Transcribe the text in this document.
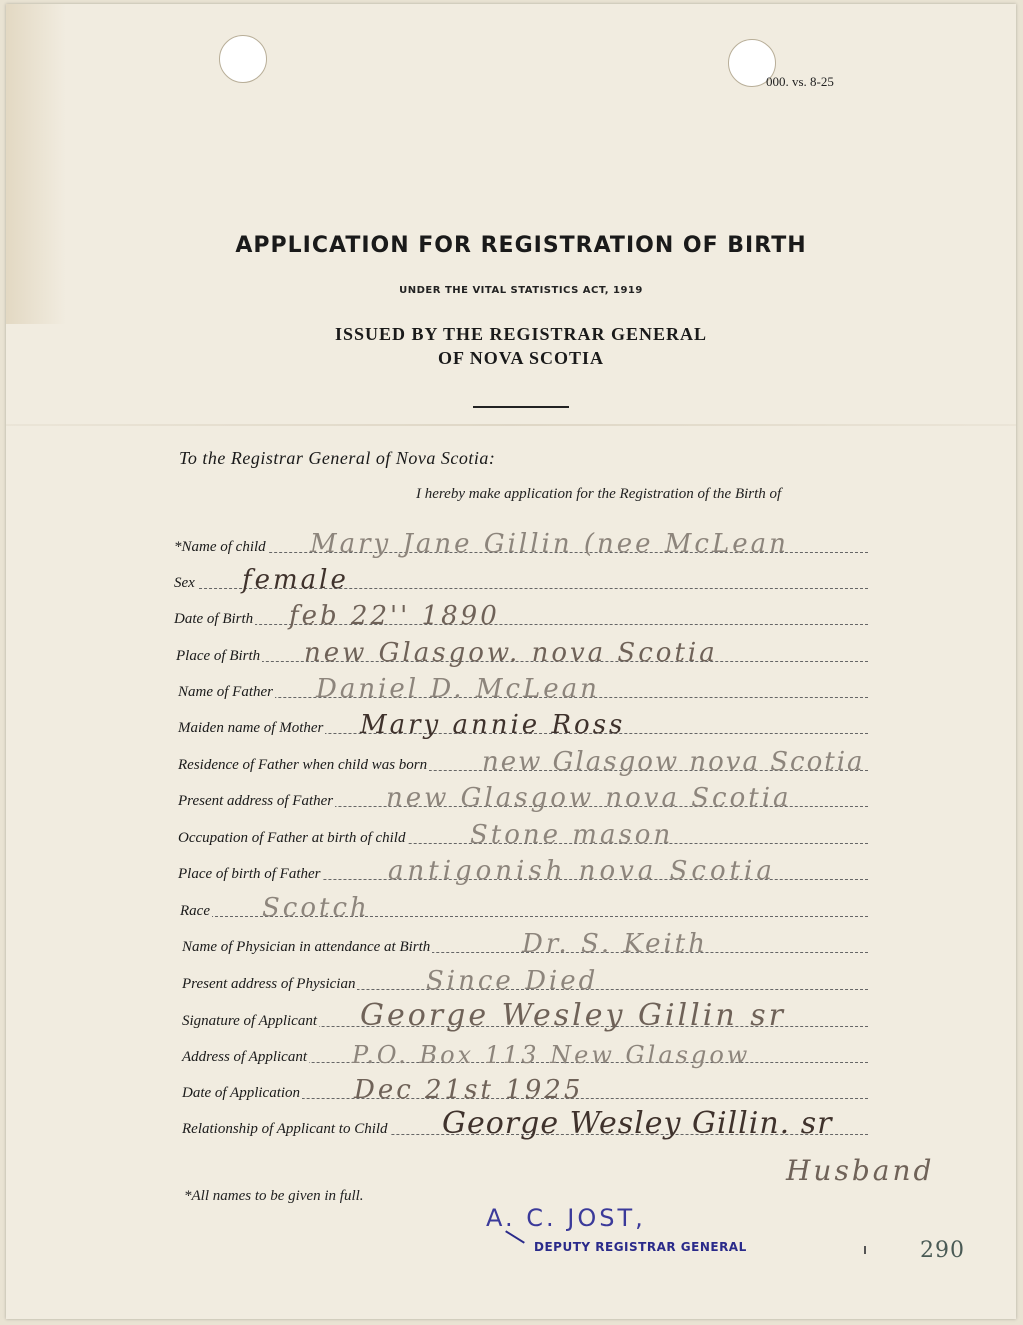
000. vs. 8-25
APPLICATION FOR REGISTRATION OF BIRTH
UNDER THE VITAL STATISTICS ACT, 1919
ISSUED BY THE REGISTRAR GENERAL
OF NOVA SCOTIA
To the Registrar General of Nova Scotia:
I hereby make application for the Registration of the Birth of
*Name of child Mary Jane Gillin (nee McLean
Sex female
Date of Birth feb 22'' 1890
Place of Birth new Glasgow. nova Scotia
Name of Father Daniel D. McLean
Maiden name of Mother Mary annie Ross
Residence of Father when child was born new Glasgow nova Scotia
Present address of Father new Glasgow nova Scotia
Occupation of Father at birth of child Stone mason
Place of birth of Father	antigonish nova Scotia
Race Scotch
Name of Physician in attendance at Birth	Dr. S. Keith
Present address of Physician	Since Died
Signature of Applicant George Wesley Gillin sr
Address of Applicant P.O. Box 113 New Glasgow
Date of Application Dec 21st 1925
Relationship of Applicant to Child George Wesley Gillin. sr
Husband
*All names to be given in full.
A. C. JOST,
DEPUTY REGISTRAR GENERAL	290
